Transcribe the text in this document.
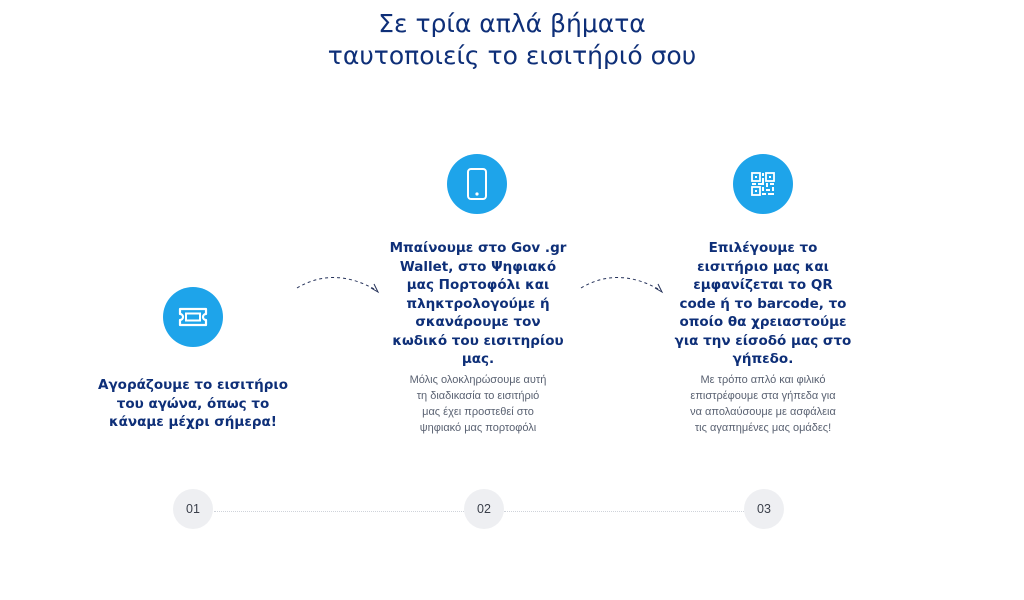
Σε τρία απλά βήματα
ταυτοποιείς το εισιτήριό σου
Αγοράζουμε το εισιτήριο
του αγώνα, όπως το
κάναμε μέχρι σήμερα!
Μπαίνουμε στο Gov .gr
Wallet, στο Ψηφιακό
μας Πορτοφόλι και
πληκτρολογούμε ή
σκανάρουμε τον
κωδικό του εισιτηρίου
μας.
Μόλις ολοκληρώσουμε αυτή
τη διαδικασία το εισιτήριό
μας έχει προστεθεί στο
ψηφιακό μας πορτοφόλι
Επιλέγουμε το
εισιτήριο μας και
εμφανίζεται το QR
code ή το barcode, το
οποίο θα χρειαστούμε
για την είσοδό μας στο
γήπεδο.
Με τρόπο απλό και φιλικό
επιστρέφουμε στα γήπεδα για
να απολαύσουμε με ασφάλεια
τις αγαπημένες μας ομάδες!
01	02	03
